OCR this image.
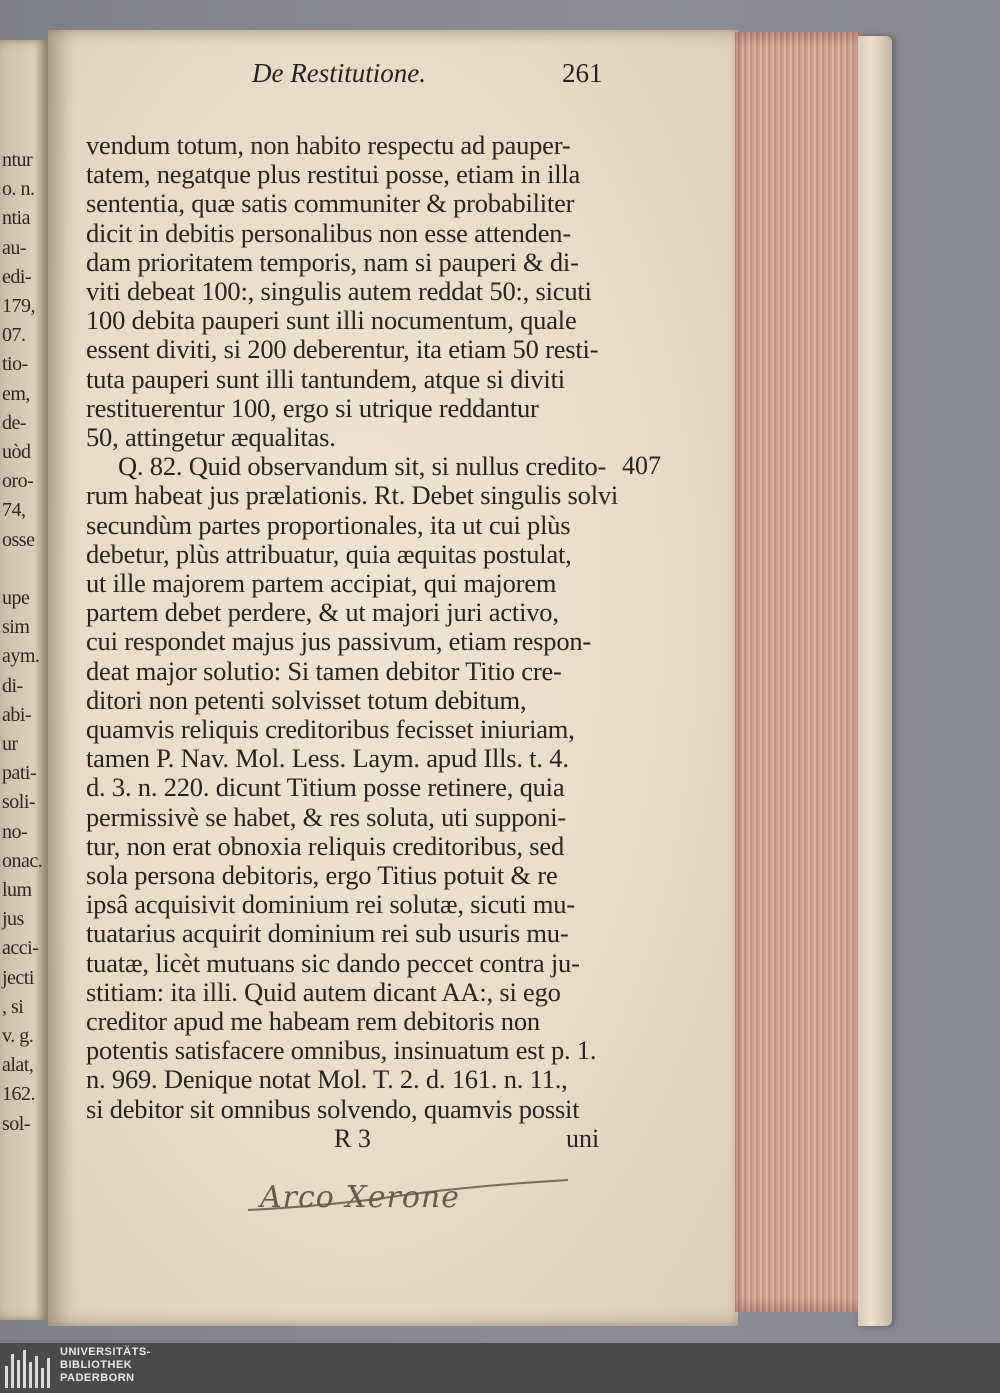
ntur
o. n.
ntia
au-
edi-
179,
07.
tio-
em,
de-
uòd
oro-
74,
osse
upe
sim
aym.
di-
abi-
ur
pati-
soli-
no-
onac.
lum
jus
acci-
jecti
, si
v. g.
alat,
162.
sol-
De Restitutione.	261
vendum totum, non habito respectu ad pauper-
tatem, negatque plus restitui posse, etiam in illa
sententia, quæ satis communiter & probabiliter
dicit in debitis personalibus non esse attenden-
dam prioritatem temporis, nam si pauperi & di-
viti debeat 100:, singulis autem reddat 50:, sicuti
100 debita pauperi sunt illi nocumentum, quale
essent diviti, si 200 deberentur, ita etiam 50 resti-
tuta pauperi sunt illi tantundem, atque si diviti
restituerentur 100, ergo si utrique reddantur
50, attingetur æqualitas.
Q. 82. Quid observandum sit, si nullus credito-
rum habeat jus prælationis. Rt. Debet singulis solvi
secundùm partes proportionales, ita ut cui plùs
debetur, plùs attribuatur, quia æquitas postulat,
ut ille majorem partem accipiat, qui majorem
partem debet perdere, & ut majori juri activo,
cui respondet majus jus passivum, etiam respon-
deat major solutio: Si tamen debitor Titio cre-
ditori non petenti solvisset totum debitum,
quamvis reliquis creditoribus fecisset iniuriam,
tamen P. Nav. Mol. Less. Laym. apud Ills. t. 4.
d. 3. n. 220. dicunt Titium posse retinere, quia
permissivè se habet, & res soluta, uti supponi-
tur, non erat obnoxia reliquis creditoribus, sed
sola persona debitoris, ergo Titius potuit & re
ipsâ acquisivit dominium rei solutæ, sicuti mu-
tuatarius acquirit dominium rei sub usuris mu-
tuatæ, licèt mutuans sic dando peccet contra ju-
stitiam: ita illi. Quid autem dicant AA:, si ego
creditor apud me habeam rem debitoris non
potentis satisfacere omnibus, insinuatum est p. 1.
n. 969. Denique notat Mol. T. 2. d. 161. n. 11.,
si debitor sit omnibus solvendo, quamvis possit
407
R 3	uni
Arco Xerone
UNIVERSITÄTS-
BIBLIOTHEK
PADERBORN
